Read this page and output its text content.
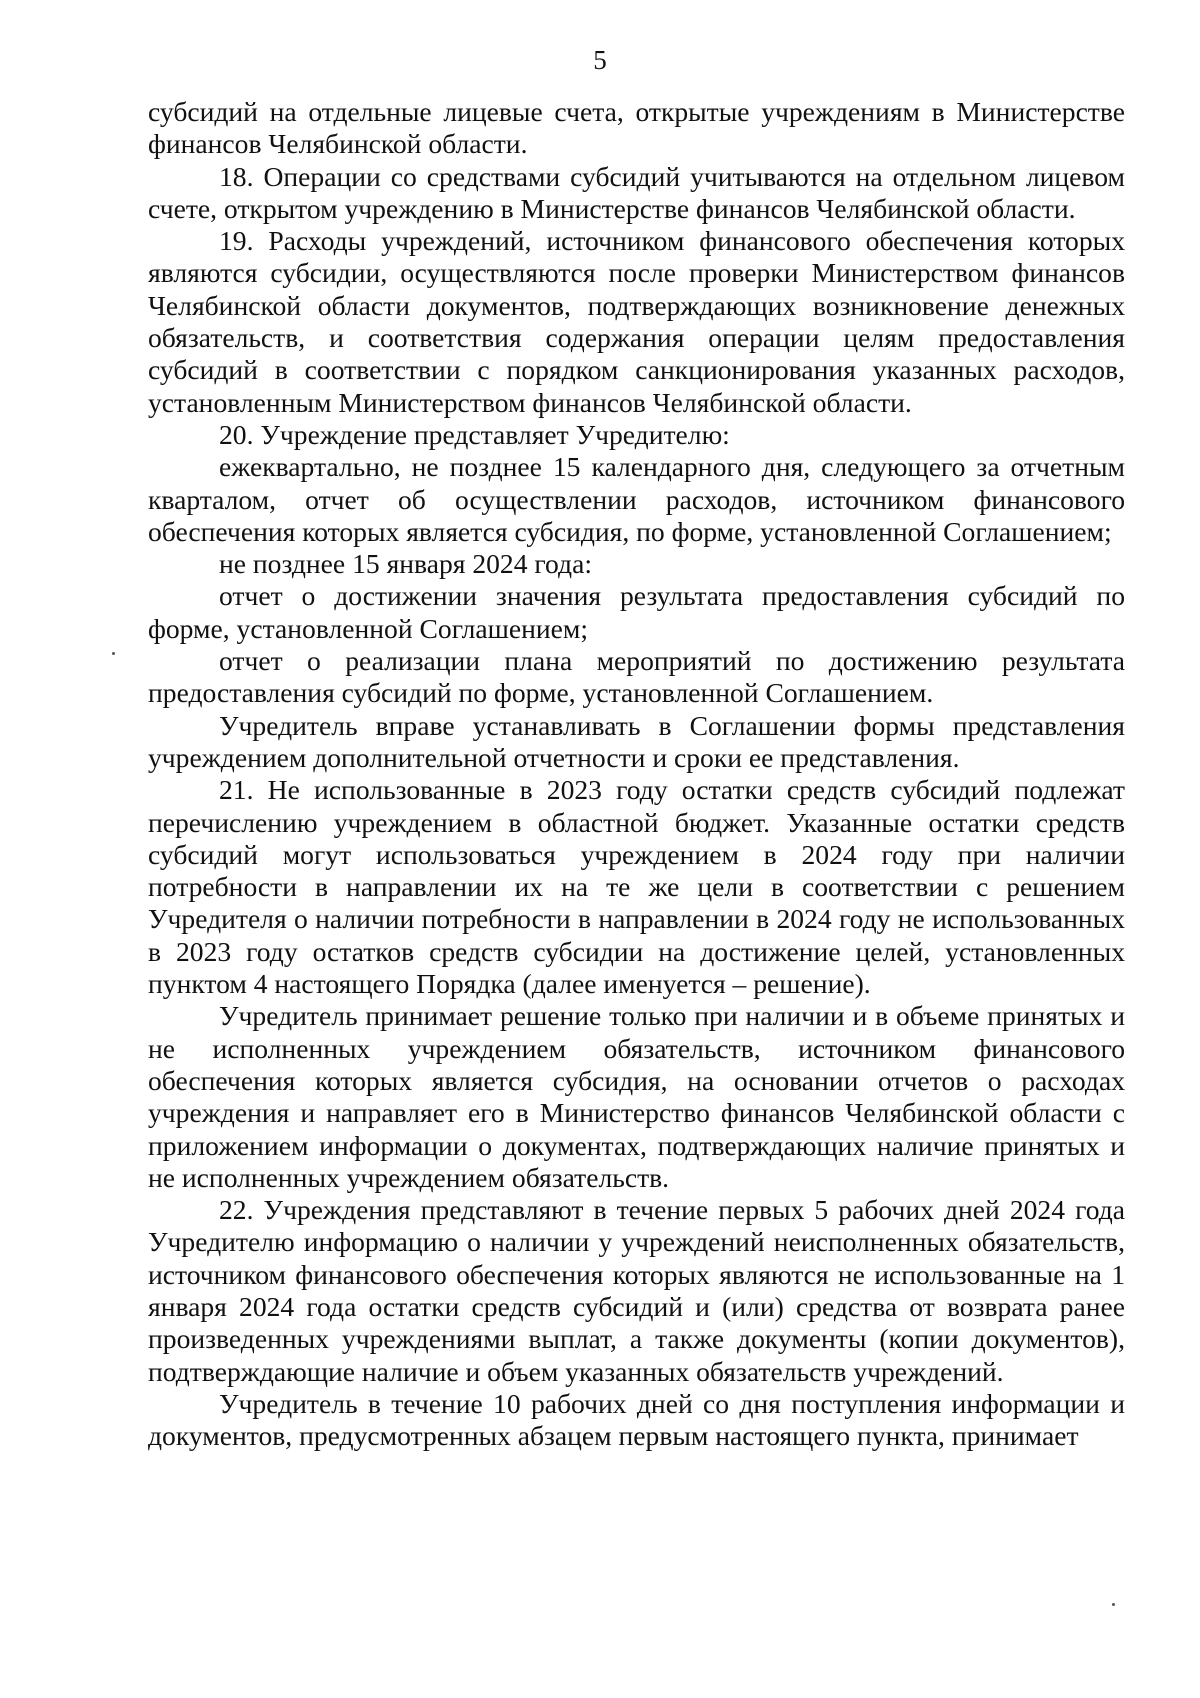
5

субсидий на отдельные лицевые счета, открытые учреждениям в Министерстве финансов Челябинской области.

18. Операции со средствами субсидий учитываются на отдельном лицевом счете, открытом учреждению в Министерстве финансов Челябинской области.

19. Расходы учреждений, источником финансового обеспечения которых являются субсидии, осуществляются после проверки Министерством финансов Челябинской области документов, подтверждающих возникновение денежных обязательств, и соответствия содержания операции целям предоставления субсидий в соответствии с порядком санкционирования указанных расходов, установленным Министерством финансов Челябинской области.

20. Учреждение представляет Учредителю:

ежеквартально, не позднее 15 календарного дня, следующего за отчетным кварталом, отчет об осуществлении расходов, источником финансового обеспечения которых является субсидия, по форме, установленной Соглашением;

не позднее 15 января 2024 года:

отчет о достижении значения результата предоставления субсидий по форме, установленной Соглашением;

отчет о реализации плана мероприятий по достижению результата предоставления субсидий по форме, установленной Соглашением.

Учредитель вправе устанавливать в Соглашении формы представления учреждением дополнительной отчетности и сроки ее представления.

21. Не использованные в 2023 году остатки средств субсидий подлежат перечислению учреждением в областной бюджет. Указанные остатки средств субсидий могут использоваться учреждением в 2024 году при наличии потребности в направлении их на те же цели в соответствии с решением Учредителя о наличии потребности в направлении в 2024 году не использованных в 2023 году остатков средств субсидии на достижение целей, установленных пунктом 4 настоящего Порядка (далее именуется – решение).

Учредитель принимает решение только при наличии и в объеме принятых и не исполненных учреждением обязательств, источником финансового обеспечения которых является субсидия, на основании отчетов о расходах учреждения и направляет его в Министерство финансов Челябинской области с приложением информации о документах, подтверждающих наличие принятых и не исполненных учреждением обязательств.

22. Учреждения представляют в течение первых 5 рабочих дней 2024 года Учредителю информацию о наличии у учреждений неисполненных обязательств, источником финансового обеспечения которых являются не использованные на 1 января 2024 года остатки средств субсидий и (или) средства от возврата ранее произведенных учреждениями выплат, а также документы (копии документов), подтверждающие наличие и объем указанных обязательств учреждений.

Учредитель в течение 10 рабочих дней со дня поступления информации и документов, предусмотренных абзацем первым настоящего пункта, принимает
